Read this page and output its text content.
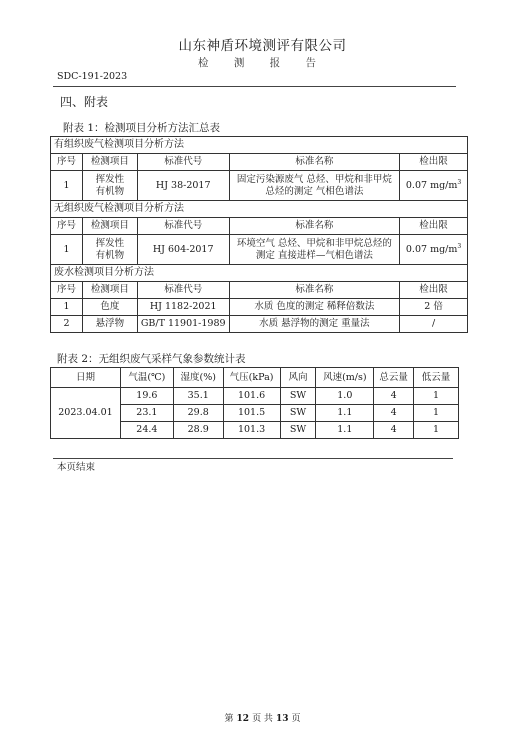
山东神盾环境测评有限公司
检 测 报 告
SDC-191-2023
四、附表
附表 1：检测项目分析方法汇总表
有组织废气检测项目分析方法				
序号	检测项目	标准代号	标准名称	检出限
1	挥发性有机物	HJ 38-2017	固定污染源废气 总烃、甲烷和非甲烷总烃的测定 气相色谱法	0.07 $mg/m^3$
无组织废气检测项目分析方法				
序号	检测项目	标准代号	标准名称	检出限
1	挥发性有机物	HJ 604-2017	环境空气 总烃、甲烷和非甲烷总烃的测定 直接进样—气相色谱法	0.07 $mg/m^3$
废水检测项目分析方法				
序号	检测项目	标准代号	标准名称	检出限
1	色度	HJ 1182-2021	水质 色度的测定 稀释倍数法	2 倍
2	悬浮物	GB/T 11901-1989	水质 悬浮物的测定 重量法	/
附表 2：无组织废气采样气象参数统计表
日期	气温(℃)	湿度(%)	气压(kPa)	风向	风速(m/s)	总云量	低云量
2023.04.01	19.6	35.1	101.6	SW	1.0	4	1
	23.1	29.8	101.5	SW	1.1	4	1
	24.4	28.9	101.3	SW	1.1	4	1
本页结束
第 12 页 共 13 页
